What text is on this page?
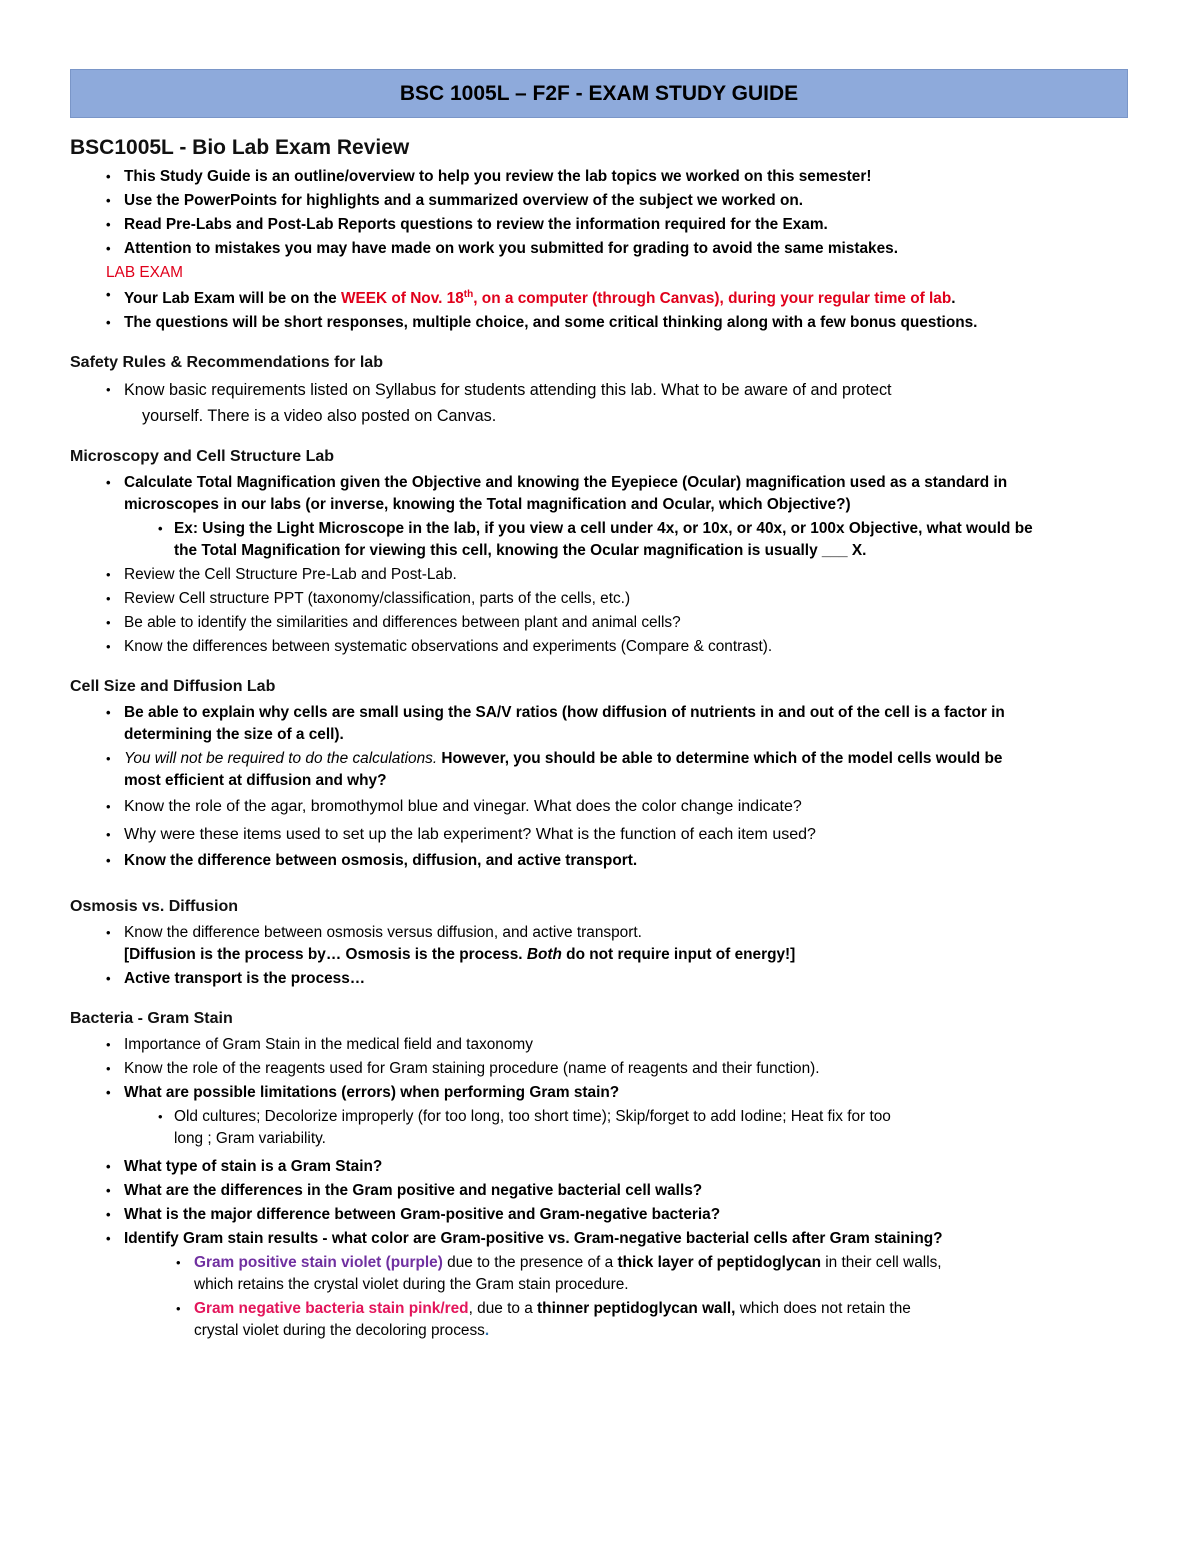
BSC 1005L – F2F - EXAM STUDY GUIDE
BSC1005L - Bio Lab Exam Review
• This Study Guide is an outline/overview to help you review the lab topics we worked on this semester!
• Use the PowerPoints for highlights and a summarized overview of the subject we worked on.
• Read Pre-Labs and Post-Lab Reports questions to review the information required for the Exam.
• Attention to mistakes you may have made on work you submitted for grading to avoid the same mistakes.
LAB EXAM
• Your Lab Exam will be on the WEEK of Nov. 18th, on a computer (through Canvas), during your regular time of lab.
• The questions will be short responses, multiple choice, and some critical thinking along with a few bonus questions.
Safety Rules & Recommendations for lab
• Know basic requirements listed on Syllabus for students attending this lab. What to be aware of and protect
yourself. There is a video also posted on Canvas.
Microscopy and Cell Structure Lab
• Calculate Total Magnification given the Objective and knowing the Eyepiece (Ocular) magnification used as a standard in
microscopes in our labs (or inverse, knowing the Total magnification and Ocular, which Objective?)
• Ex: Using the Light Microscope in the lab, if you view a cell under 4x, or 10x, or 40x, or 100x Objective, what would be
the Total Magnification for viewing this cell, knowing the Ocular magnification is usually ___ X.
• Review the Cell Structure Pre-Lab and Post-Lab.
• Review Cell structure PPT (taxonomy/classification, parts of the cells, etc.)
• Be able to identify the similarities and differences between plant and animal cells?
• Know the differences between systematic observations and experiments (Compare & contrast).
Cell Size and Diffusion Lab
• Be able to explain why cells are small using the SA/V ratios (how diffusion of nutrients in and out of the cell is a factor in
determining the size of a cell).
• You will not be required to do the calculations. However, you should be able to determine which of the model cells would be
most efficient at diffusion and why?
• Know the role of the agar, bromothymol blue and vinegar. What does the color change indicate?
• Why were these items used to set up the lab experiment? What is the function of each item used?
• Know the difference between osmosis, diffusion, and active transport.
Osmosis vs. Diffusion
• Know the difference between osmosis versus diffusion, and active transport.
[Diffusion is the process by… Osmosis is the process. Both do not require input of energy!]
• Active transport is the process…
Bacteria - Gram Stain
• Importance of Gram Stain in the medical field and taxonomy
• Know the role of the reagents used for Gram staining procedure (name of reagents and their function).
• What are possible limitations (errors) when performing Gram stain?
• Old cultures; Decolorize improperly (for too long, too short time); Skip/forget to add Iodine; Heat fix for too
long ; Gram variability.
• What type of stain is a Gram Stain?
• What are the differences in the Gram positive and negative bacterial cell walls?
• What is the major difference between Gram-positive and Gram-negative bacteria?
• Identify Gram stain results - what color are Gram-positive vs. Gram-negative bacterial cells after Gram staining?
• Gram positive stain violet (purple) due to the presence of a thick layer of peptidoglycan in their cell walls,
which retains the crystal violet during the Gram stain procedure.
• Gram negative bacteria stain pink/red, due to a thinner peptidoglycan wall, which does not retain the
crystal violet during the decoloring process.
